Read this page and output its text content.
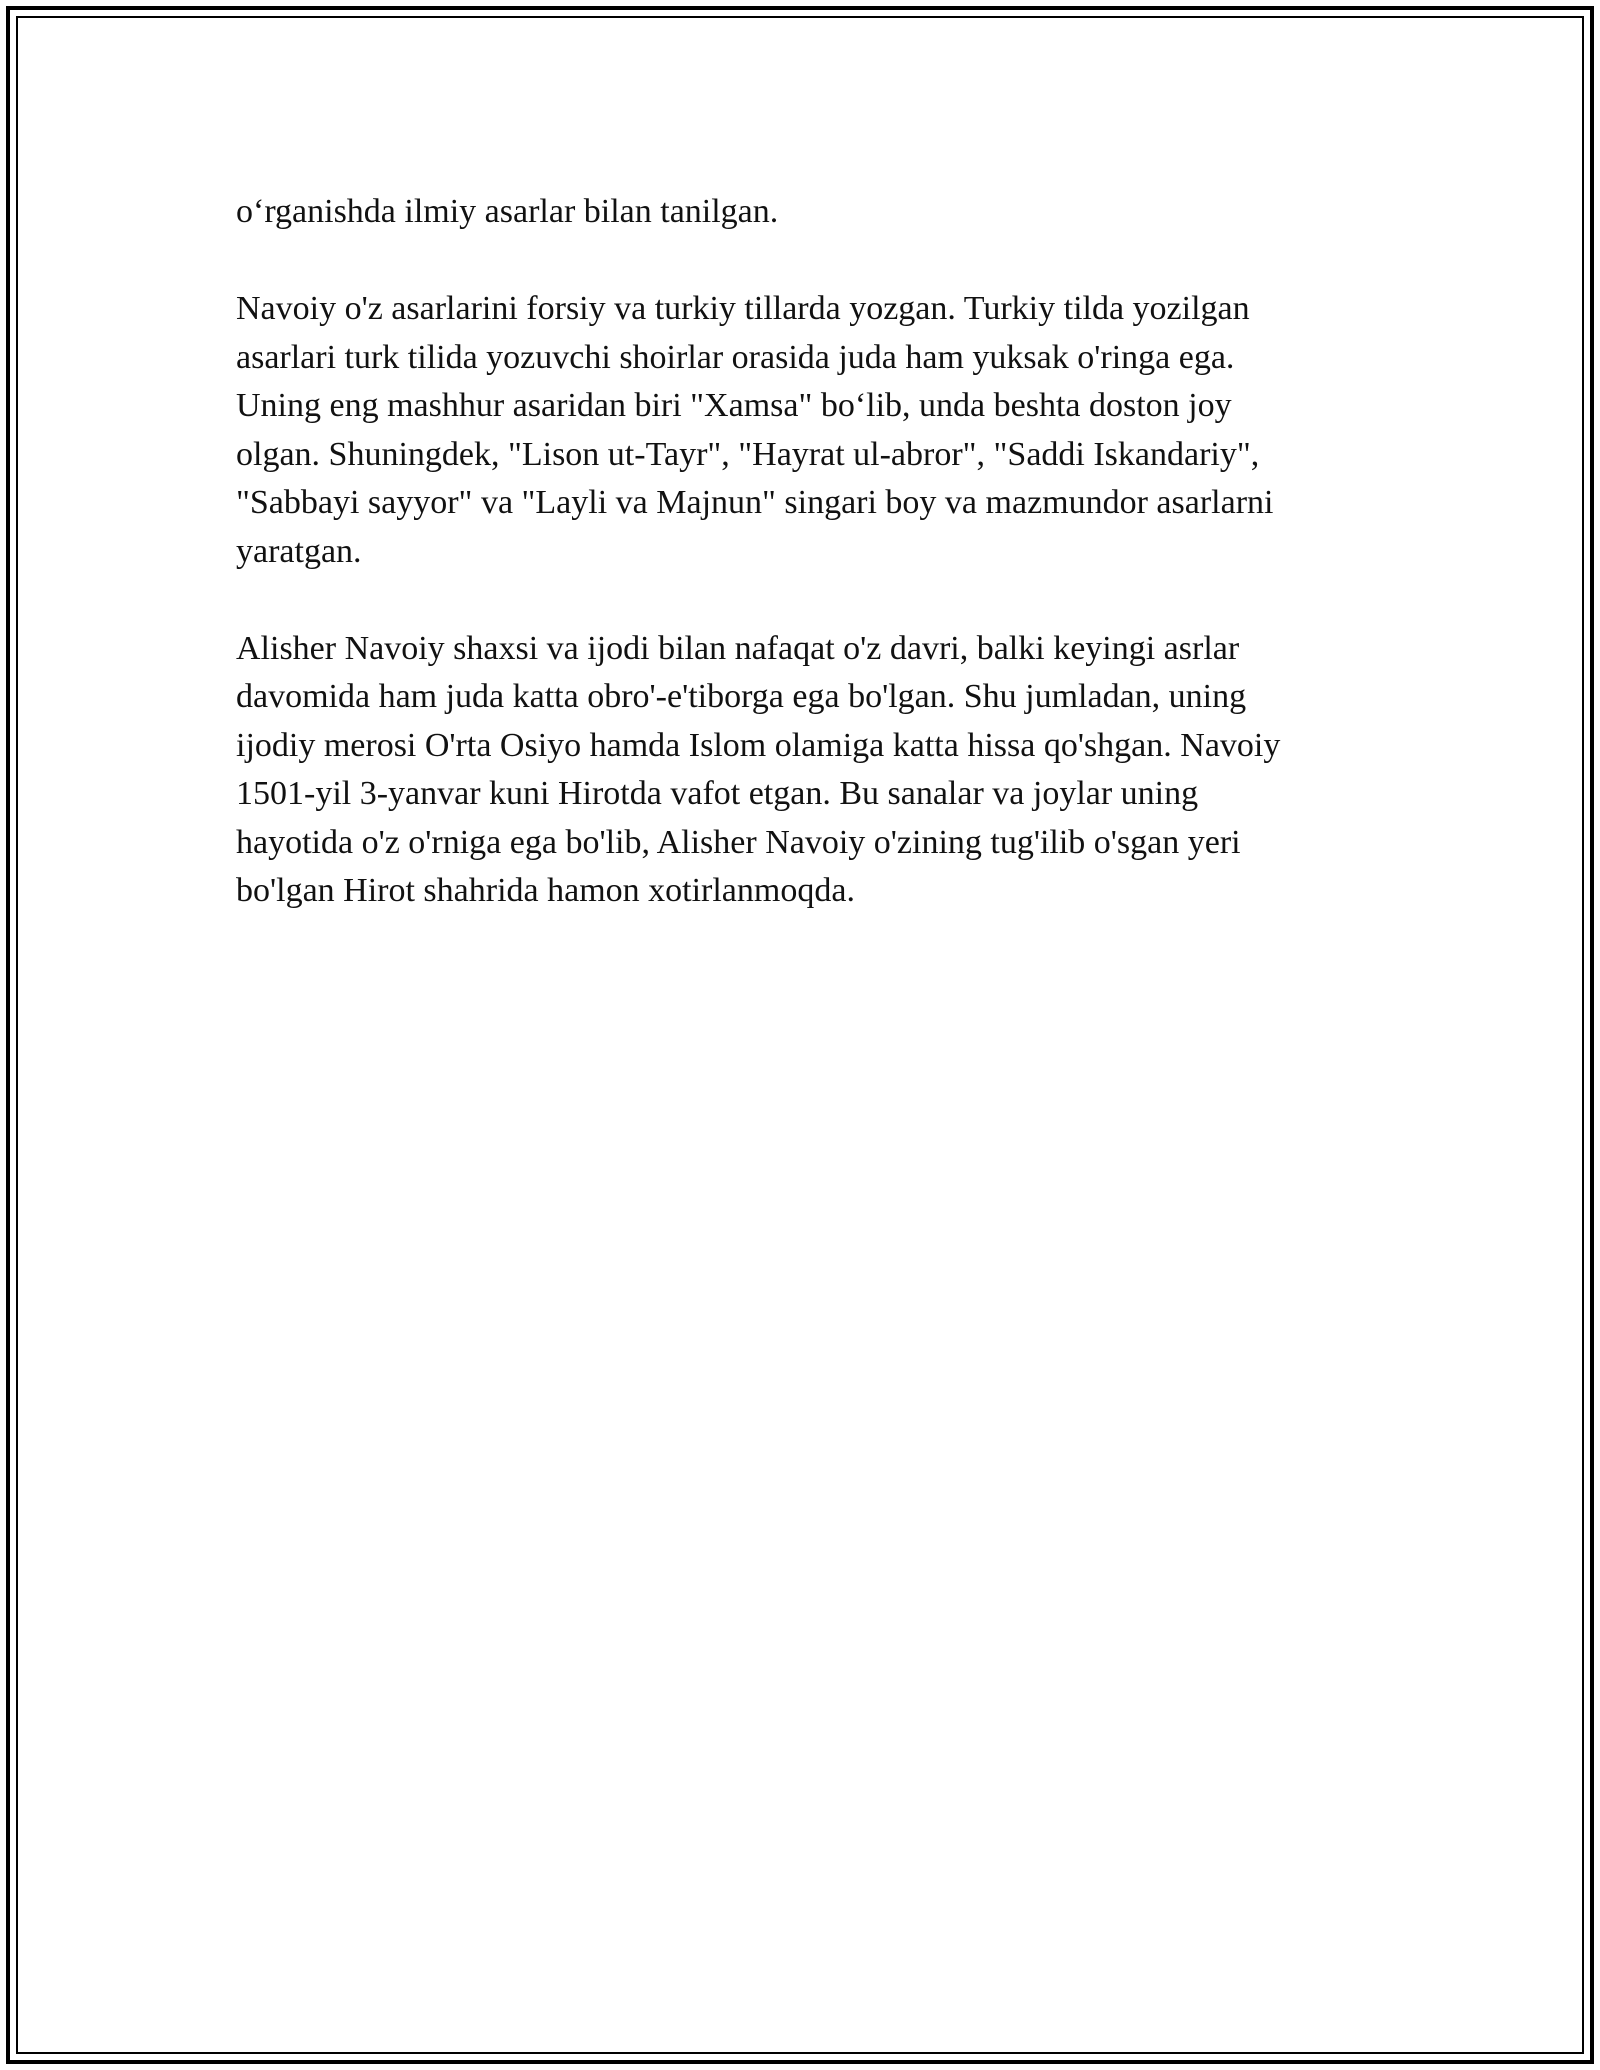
o‘rganishda ilmiy asarlar bilan tanilgan.

Navoiy o'z asarlarini forsiy va turkiy tillarda yozgan. Turkiy tilda yozilgan
asarlari turk tilida yozuvchi shoirlar orasida juda ham yuksak o'ringa ega.
Uning eng mashhur asaridan biri "Xamsa" bo‘lib, unda beshta doston joy
olgan. Shuningdek, "Lison ut-Tayr", "Hayrat ul-abror", "Saddi Iskandariy",
"Sabbayi sayyor" va "Layli va Majnun" singari boy va mazmundor asarlarni
yaratgan.

Alisher Navoiy shaxsi va ijodi bilan nafaqat o'z davri, balki keyingi asrlar
davomida ham juda katta obro'-e'tiborga ega bo'lgan. Shu jumladan, uning
ijodiy merosi O'rta Osiyo hamda Islom olamiga katta hissa qo'shgan. Navoiy
1501-yil 3-yanvar kuni Hirotda vafot etgan. Bu sanalar va joylar uning
hayotida o'z o'rniga ega bo'lib, Alisher Navoiy o'zining tug'ilib o'sgan yeri
bo'lgan Hirot shahrida hamon xotirlanmoqda.
